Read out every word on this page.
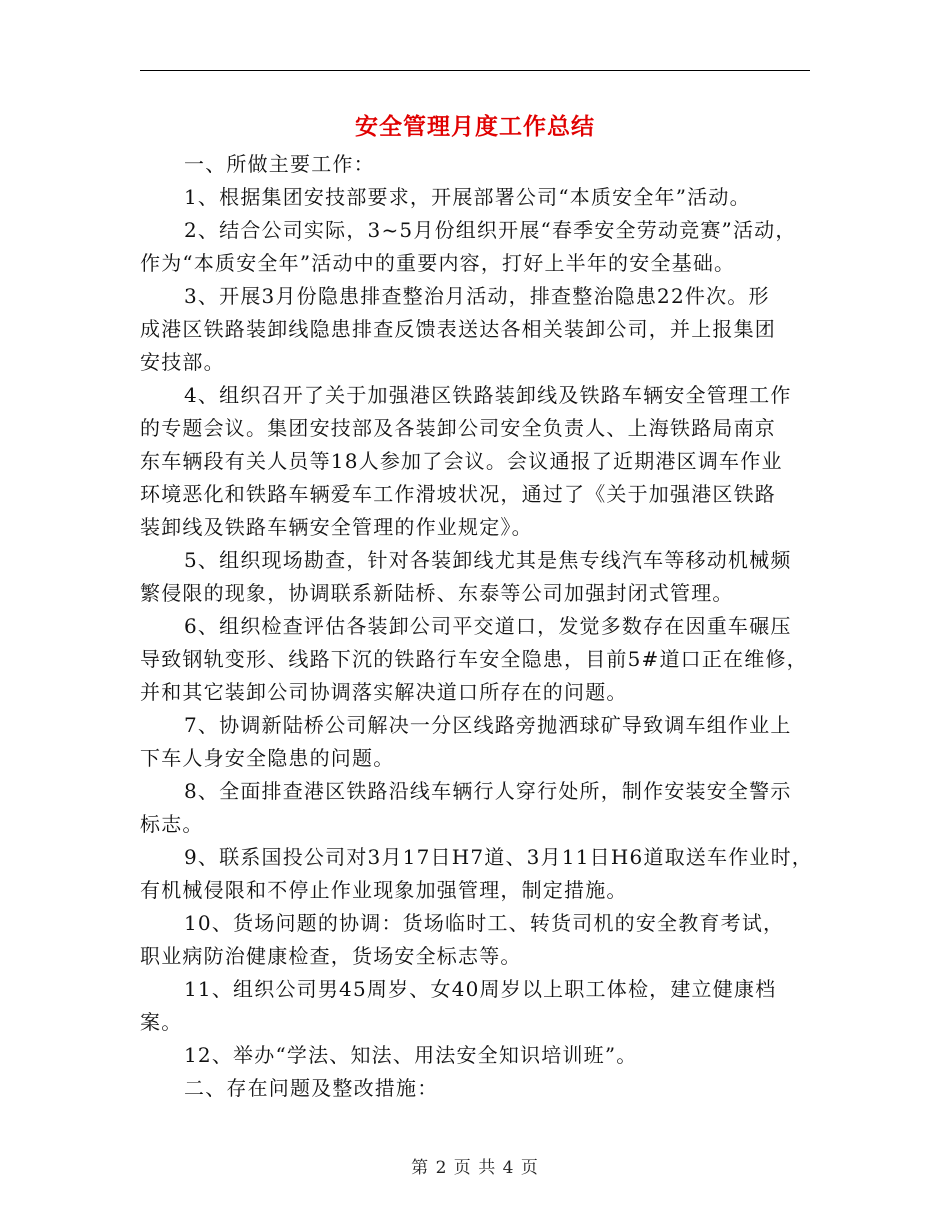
安全管理月度工作总结
一、所做主要工作：
1、根据集团安技部要求，开展部署公司“本质安全年”活动。
2、结合公司实际，3~5月份组织开展“春季安全劳动竞赛”活动，
作为“本质安全年”活动中的重要内容，打好上半年的安全基础。
3、开展3月份隐患排查整治月活动，排查整治隐患22件次。形
成港区铁路装卸线隐患排查反馈表送达各相关装卸公司，并上报集团
安技部。
4、组织召开了关于加强港区铁路装卸线及铁路车辆安全管理工作
的专题会议。集团安技部及各装卸公司安全负责人、上海铁路局南京
东车辆段有关人员等18人参加了会议。会议通报了近期港区调车作业
环境恶化和铁路车辆爱车工作滑坡状况，通过了《关于加强港区铁路
装卸线及铁路车辆安全管理的作业规定》。
5、组织现场勘查，针对各装卸线尤其是焦专线汽车等移动机械频
繁侵限的现象，协调联系新陆桥、东泰等公司加强封闭式管理。
6、组织检查评估各装卸公司平交道口，发觉多数存在因重车碾压
导致钢轨变形、线路下沉的铁路行车安全隐患，目前5#道口正在维修，
并和其它装卸公司协调落实解决道口所存在的问题。
7、协调新陆桥公司解决一分区线路旁抛洒球矿导致调车组作业上
下车人身安全隐患的问题。
8、全面排查港区铁路沿线车辆行人穿行处所，制作安装安全警示
标志。
9、联系国投公司对3月17日H7道、3月11日H6道取送车作业时，
有机械侵限和不停止作业现象加强管理，制定措施。
10、货场问题的协调：货场临时工、转货司机的安全教育考试，
职业病防治健康检查，货场安全标志等。
11、组织公司男45周岁、女40周岁以上职工体检，建立健康档
案。
12、举办“学法、知法、用法安全知识培训班”。
二、存在问题及整改措施：
第 2 页 共 4 页
